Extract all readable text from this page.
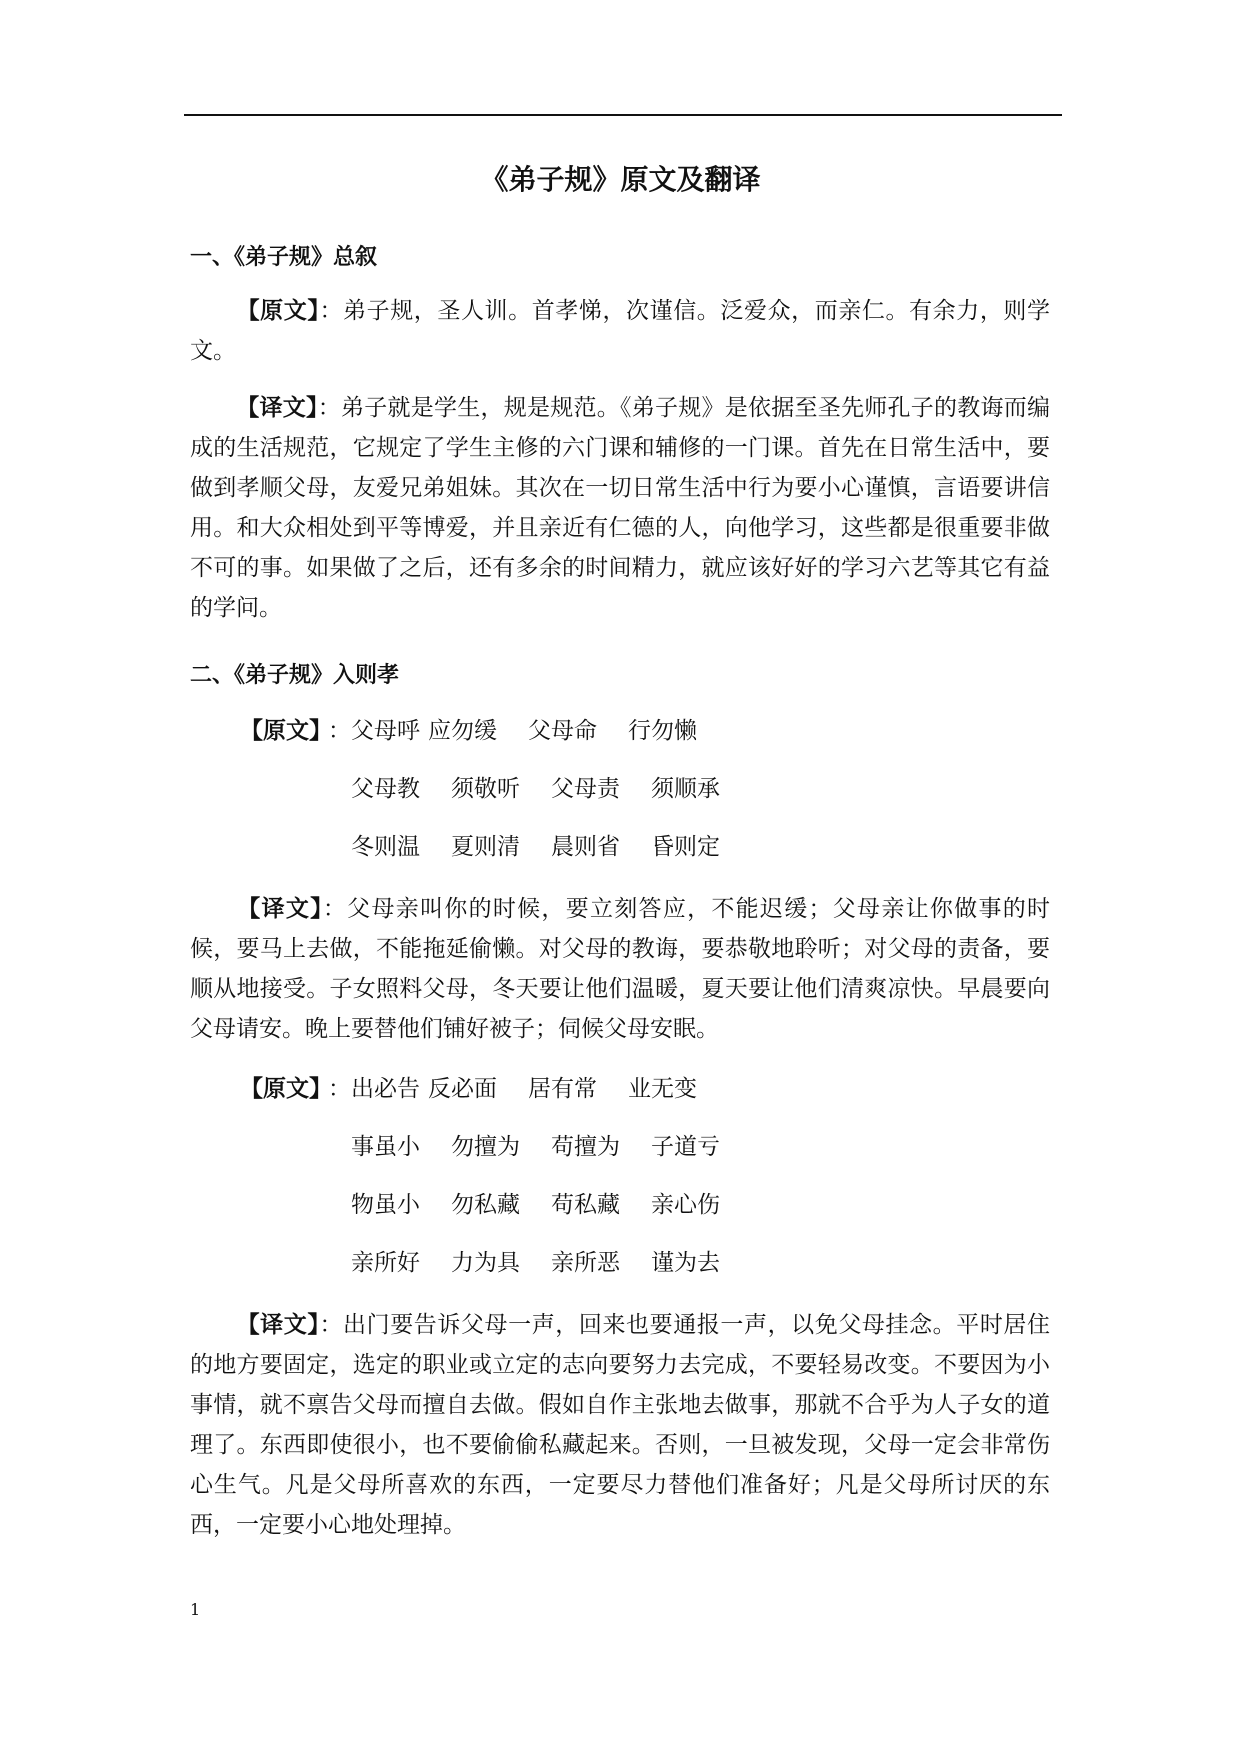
《弟子规》原文及翻译
一、《弟子规》总叙
【原文】：弟子规，圣人训。首孝悌，次谨信。泛爱众，而亲仁。有余力，则学文。
【译文】：弟子就是学生，规是规范。《弟子规》是依据至圣先师孔子的教诲而编成的生活规范，它规定了学生主修的六门课和辅修的一门课。首先在日常生活中，要做到孝顺父母，友爱兄弟姐妹。其次在一切日常生活中行为要小心谨慎，言语要讲信用。和大众相处到平等博爱，并且亲近有仁德的人，向他学习，这些都是很重要非做不可的事。如果做了之后，还有多余的时间精力，就应该好好的学习六艺等其它有益的学问。
二、《弟子规》入则孝
【原文】
：父母呼 应勿缓 父母命 行勿懒
父母教 须敬听 父母责 须顺承
冬则温 夏则清 晨则省 昏则定
【译文】：父母亲叫你的时候，要立刻答应，不能迟缓；父母亲让你做事的时候，要马上去做，不能拖延偷懒。对父母的教诲，要恭敬地聆听；对父母的责备，要顺从地接受。子女照料父母，冬天要让他们温暖，夏天要让他们清爽凉快。早晨要向父母请安。晚上要替他们铺好被子；伺候父母安眠。
【原文】
：出必告 反必面 居有常 业无变
事虽小 勿擅为 苟擅为 子道亏
物虽小 勿私藏 苟私藏 亲心伤
亲所好 力为具 亲所恶 谨为去
【译文】：出门要告诉父母一声，回来也要通报一声，以免父母挂念。平时居住的地方要固定，选定的职业或立定的志向要努力去完成，不要轻易改变。不要因为小事情，就不禀告父母而擅自去做。假如自作主张地去做事，那就不合乎为人子女的道理了。东西即使很小，也不要偷偷私藏起来。否则，一旦被发现，父母一定会非常伤心生气。凡是父母所喜欢的东西，一定要尽力替他们准备好；凡是父母所讨厌的东西，一定要小心地处理掉。
1
